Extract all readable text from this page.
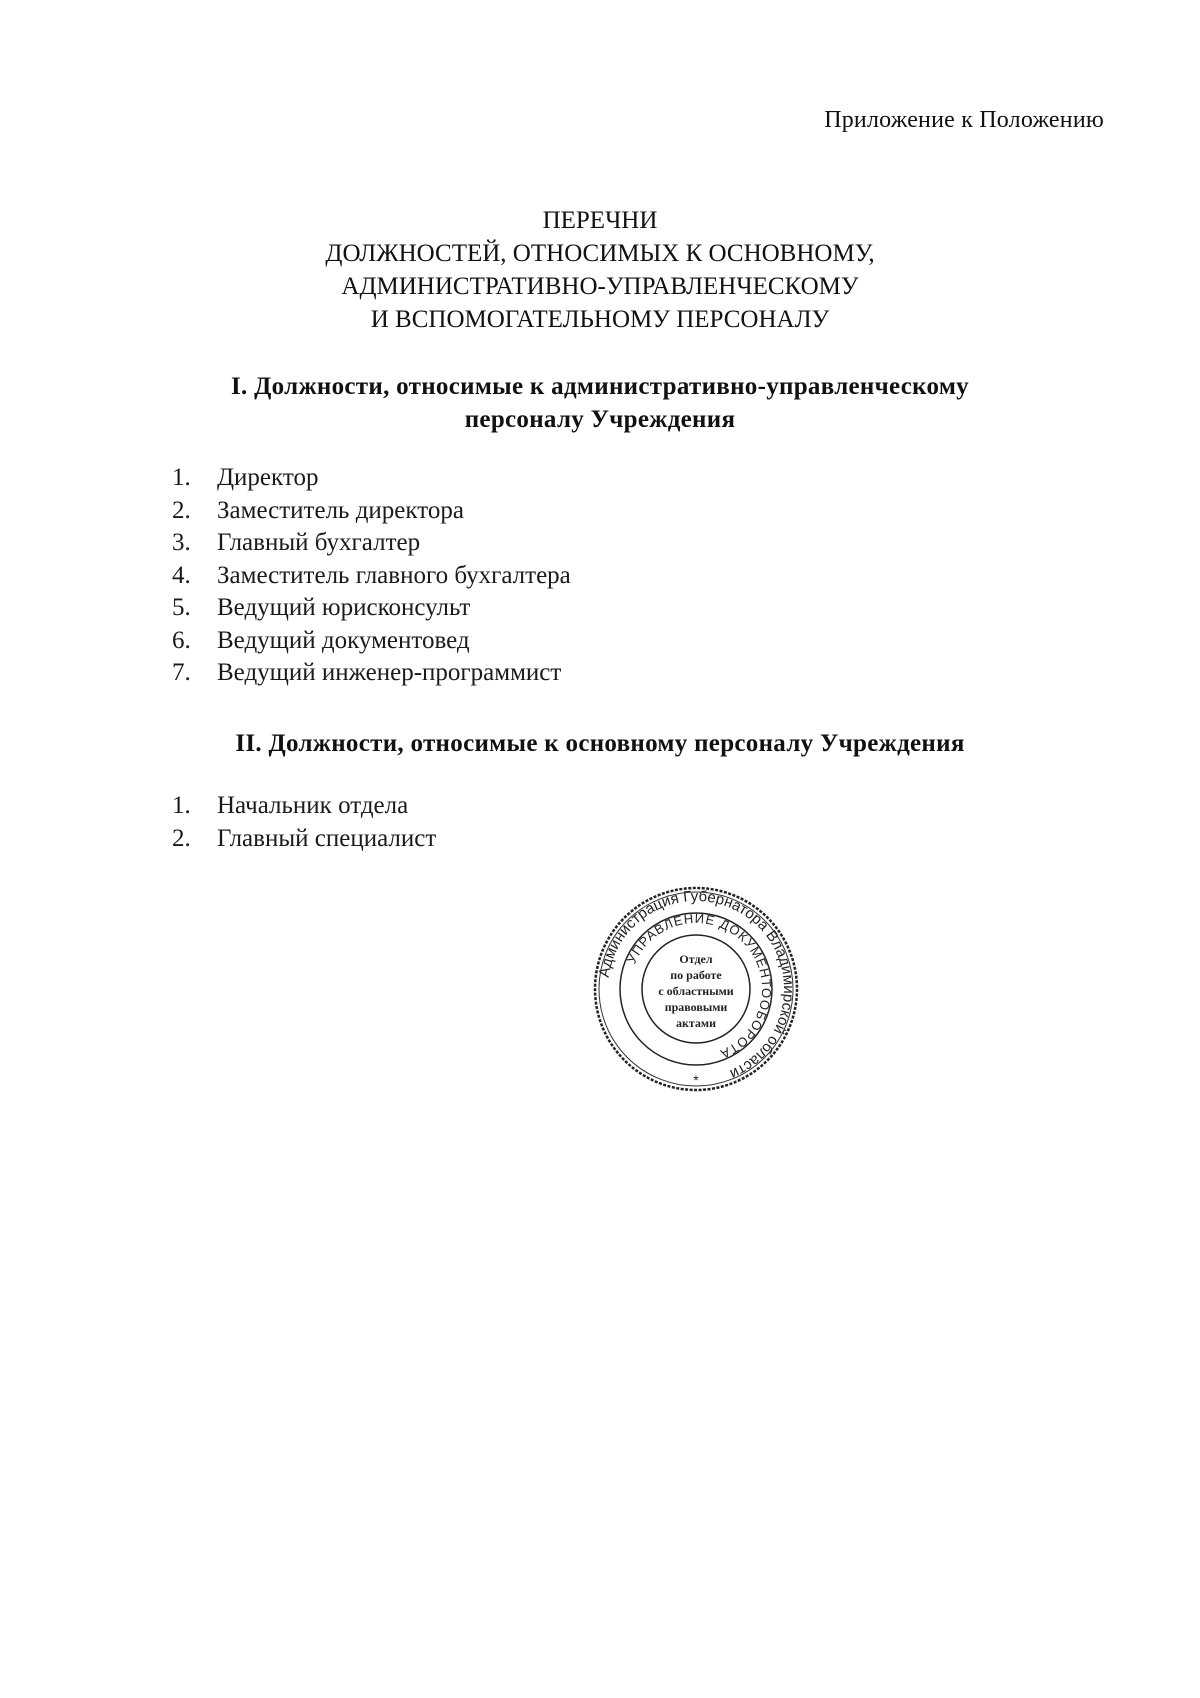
Приложение к Положению
ПЕРЕЧНИ
ДОЛЖНОСТЕЙ, ОТНОСИМЫХ К ОСНОВНОМУ,
АДМИНИСТРАТИВНО-УПРАВЛЕНЧЕСКОМУ
И ВСПОМОГАТЕЛЬНОМУ ПЕРСОНАЛУ
I. Должности, относимые к административно-управленческому
персоналу Учреждения
1.	Директор
2.	Заместитель директора
3.	Главный бухгалтер
4.	Заместитель главного бухгалтера
5.	Ведущий юрисконсульт
6.	Ведущий документовед
7.	Ведущий инженер-программист
II. Должности, относимые к основному персоналу Учреждения
1.	Начальник отдела
2.	Главный специалист
Администрация Губернатора Владимирской области
УПРАВЛЕНИЕ ДОКУМЕНТООБОРОТА
Отдел
по работе
с областными
правовыми
актами
*
